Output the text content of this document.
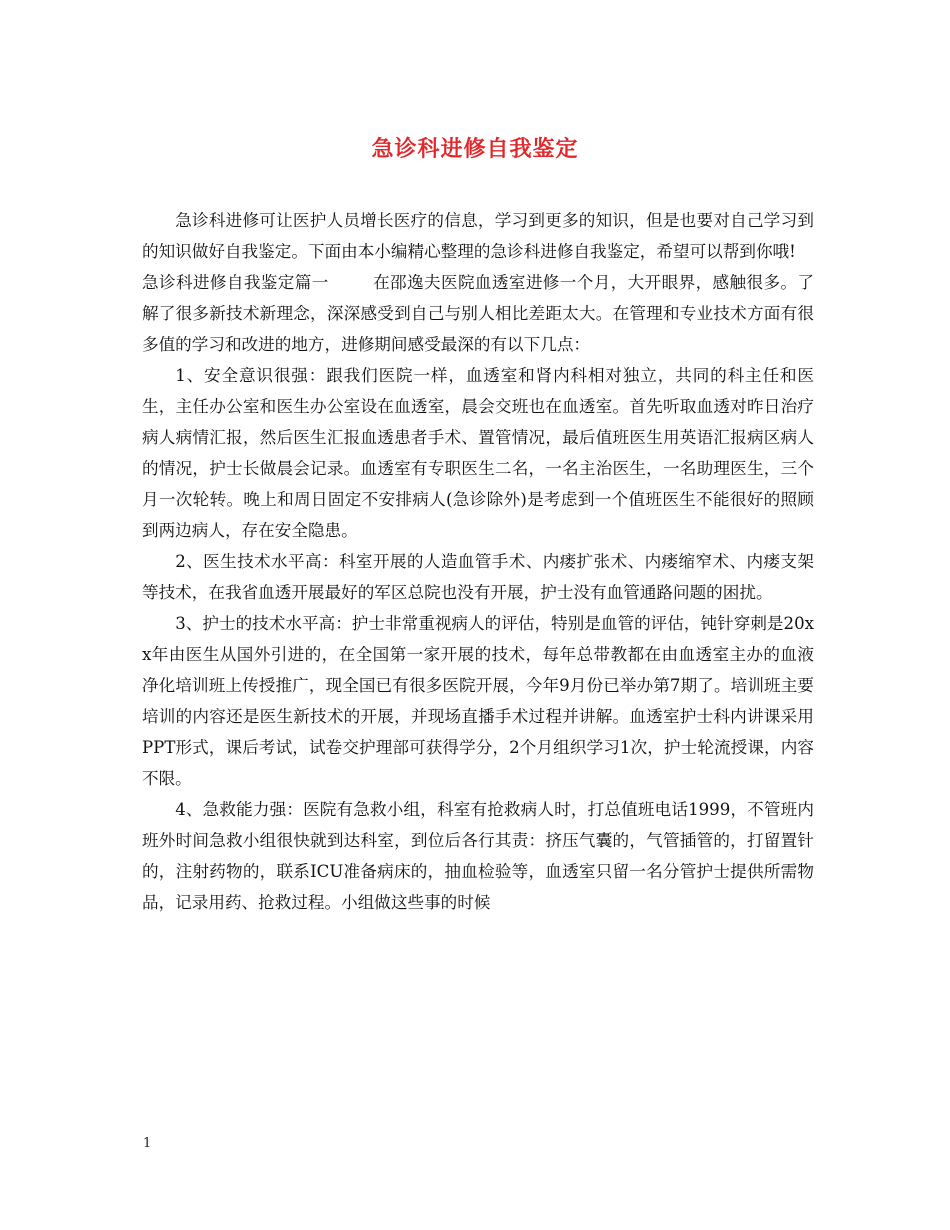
急诊科进修自我鉴定

急诊科进修可让医护人员增长医疗的信息，学习到更多的知识，但是也要对自己学习到的知识做好自我鉴定。下面由本小编精心整理的急诊科进修自我鉴定，希望可以帮到你哦!

急诊科进修自我鉴定篇一	在邵逸夫医院血透室进修一个月，大开眼界，感触很多。了解了很多新技术新理念，深深感受到自己与别人相比差距太大。在管理和专业技术方面有很多值的学习和改进的地方，进修期间感受最深的有以下几点：

1、安全意识很强：跟我们医院一样，血透室和肾内科相对独立，共同的科主任和医生，主任办公室和医生办公室设在血透室，晨会交班也在血透室。首先听取血透对昨日治疗病人病情汇报，然后医生汇报血透患者手术、置管情况，最后值班医生用英语汇报病区病人的情况，护士长做晨会记录。血透室有专职医生二名，一名主治医生，一名助理医生，三个月一次轮转。晚上和周日固定不安排病人(急诊除外)是考虑到一个值班医生不能很好的照顾到两边病人，存在安全隐患。

2、医生技术水平高：科室开展的人造血管手术、内瘘扩张术、内瘘缩窄术、内瘘支架等技术，在我省血透开展最好的军区总院也没有开展，护士没有血管通路问题的困扰。

3、护士的技术水平高：护士非常重视病人的评估，特别是血管的评估，钝针穿刺是20xx年由医生从国外引进的，在全国第一家开展的技术，每年总带教都在由血透室主办的血液净化培训班上传授推广，现全国已有很多医院开展，今年9月份已举办第7期了。培训班主要培训的内容还是医生新技术的开展，并现场直播手术过程并讲解。血透室护士科内讲课采用PPT形式，课后考试，试卷交护理部可获得学分，2个月组织学习1次，护士轮流授课，内容不限。

4、急救能力强：医院有急救小组，科室有抢救病人时，打总值班电话1999，不管班内班外时间急救小组很快就到达科室，到位后各行其责：挤压气囊的，气管插管的，打留置针的，注射药物的，联系ICU准备病床的，抽血检验等，血透室只留一名分管护士提供所需物品，记录用药、抢救过程。小组做这些事的时候

1
